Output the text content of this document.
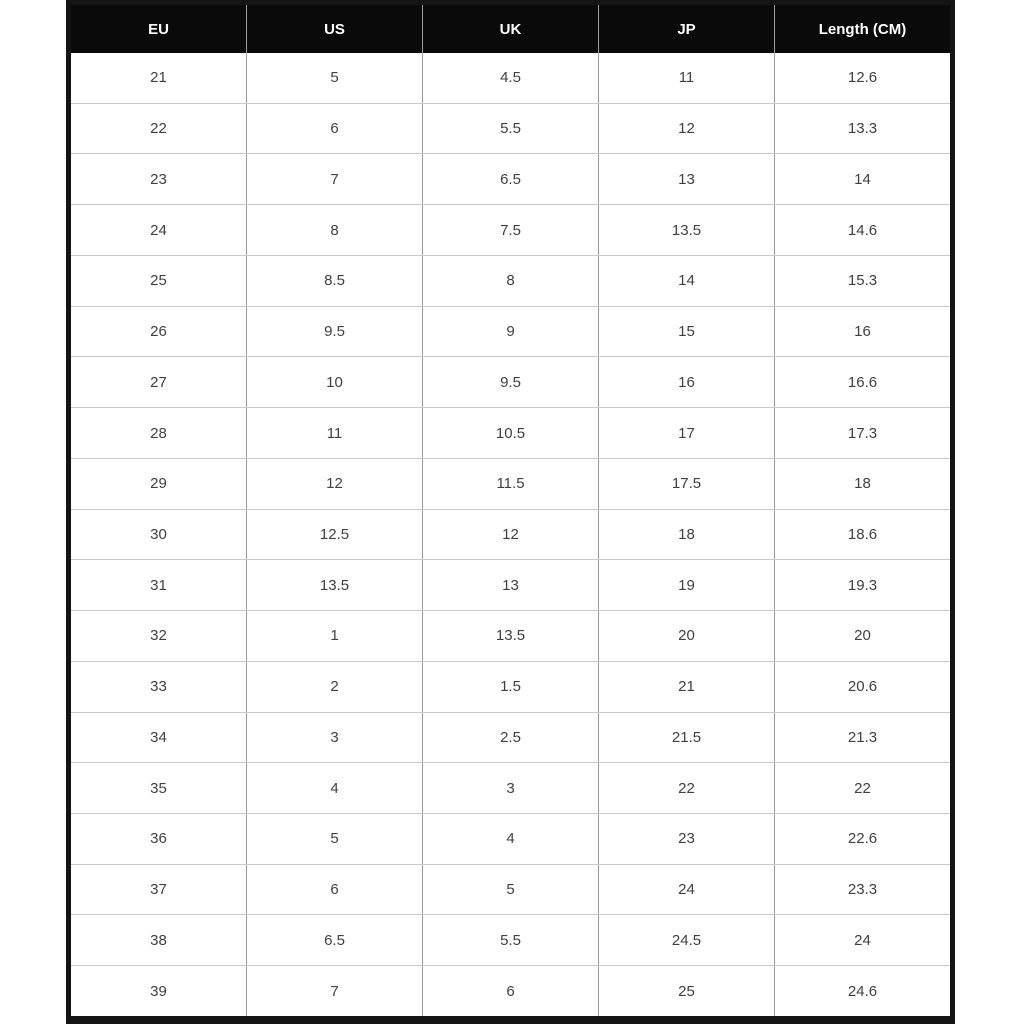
EU	US	UK	JP	Length (CM)
21	5	4.5	11	12.6
22	6	5.5	12	13.3
23	7	6.5	13	14
24	8	7.5	13.5	14.6
25	8.5	8	14	15.3
26	9.5	9	15	16
27	10	9.5	16	16.6
28	11	10.5	17	17.3
29	12	11.5	17.5	18
30	12.5	12	18	18.6
31	13.5	13	19	19.3
32	1	13.5	20	20
33	2	1.5	21	20.6
34	3	2.5	21.5	21.3
35	4	3	22	22
36	5	4	23	22.6
37	6	5	24	23.3
38	6.5	5.5	24.5	24
39	7	6	25	24.6
